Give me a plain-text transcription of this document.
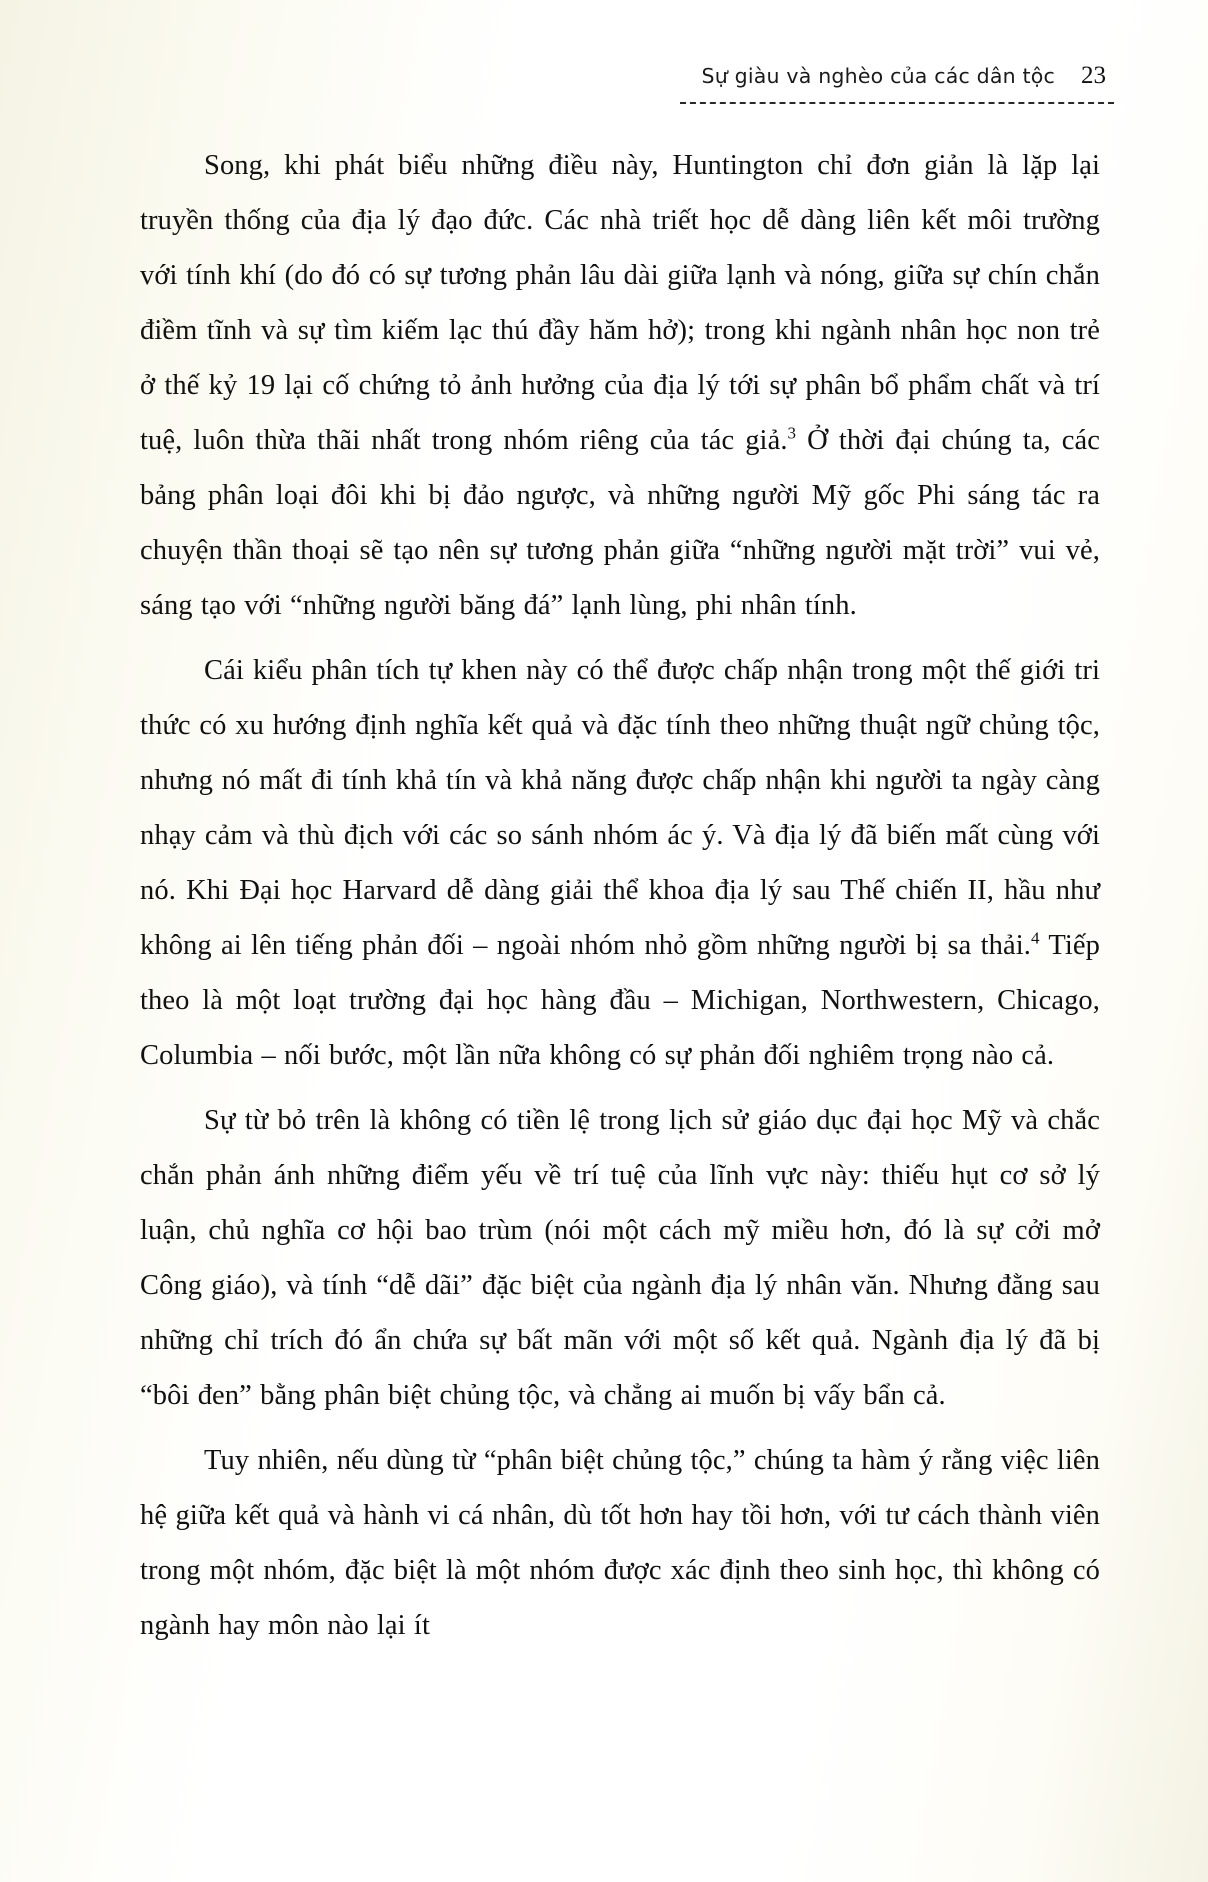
Sự giàu và nghèo của các dân tộc 23

Song, khi phát biểu những điều này, Huntington chỉ đơn giản là lặp lại truyền thống của địa lý đạo đức. Các nhà triết học dễ dàng liên kết môi trường với tính khí (do đó có sự tương phản lâu dài giữa lạnh và nóng, giữa sự chín chắn điềm tĩnh và sự tìm kiếm lạc thú đầy hăm hở); trong khi ngành nhân học non trẻ ở thế kỷ 19 lại cố chứng tỏ ảnh hưởng của địa lý tới sự phân bổ phẩm chất và trí tuệ, luôn thừa thãi nhất trong nhóm riêng của tác giả.$^3$ Ở thời đại chúng ta, các bảng phân loại đôi khi bị đảo ngược, và những người Mỹ gốc Phi sáng tác ra chuyện thần thoại sẽ tạo nên sự tương phản giữa “những người mặt trời” vui vẻ, sáng tạo với “những người băng đá” lạnh lùng, phi nhân tính.

Cái kiểu phân tích tự khen này có thể được chấp nhận trong một thế giới tri thức có xu hướng định nghĩa kết quả và đặc tính theo những thuật ngữ chủng tộc, nhưng nó mất đi tính khả tín và khả năng được chấp nhận khi người ta ngày càng nhạy cảm và thù địch với các so sánh nhóm ác ý. Và địa lý đã biến mất cùng với nó. Khi Đại học Harvard dễ dàng giải thể khoa địa lý sau Thế chiến II, hầu như không ai lên tiếng phản đối – ngoài nhóm nhỏ gồm những người bị sa thải.$^4$ Tiếp theo là một loạt trường đại học hàng đầu – Michigan, Northwestern, Chicago, Columbia – nối bước, một lần nữa không có sự phản đối nghiêm trọng nào cả.

Sự từ bỏ trên là không có tiền lệ trong lịch sử giáo dục đại học Mỹ và chắc chắn phản ánh những điểm yếu về trí tuệ của lĩnh vực này: thiếu hụt cơ sở lý luận, chủ nghĩa cơ hội bao trùm (nói một cách mỹ miều hơn, đó là sự cởi mở Công giáo), và tính “dễ dãi” đặc biệt của ngành địa lý nhân văn. Nhưng đằng sau những chỉ trích đó ẩn chứa sự bất mãn với một số kết quả. Ngành địa lý đã bị “bôi đen” bằng phân biệt chủng tộc, và chẳng ai muốn bị vấy bẩn cả.

Tuy nhiên, nếu dùng từ “phân biệt chủng tộc,” chúng ta hàm ý rằng việc liên hệ giữa kết quả và hành vi cá nhân, dù tốt hơn hay tồi hơn, với tư cách thành viên trong một nhóm, đặc biệt là một nhóm được xác định theo sinh học, thì không có ngành hay môn nào lại ít
